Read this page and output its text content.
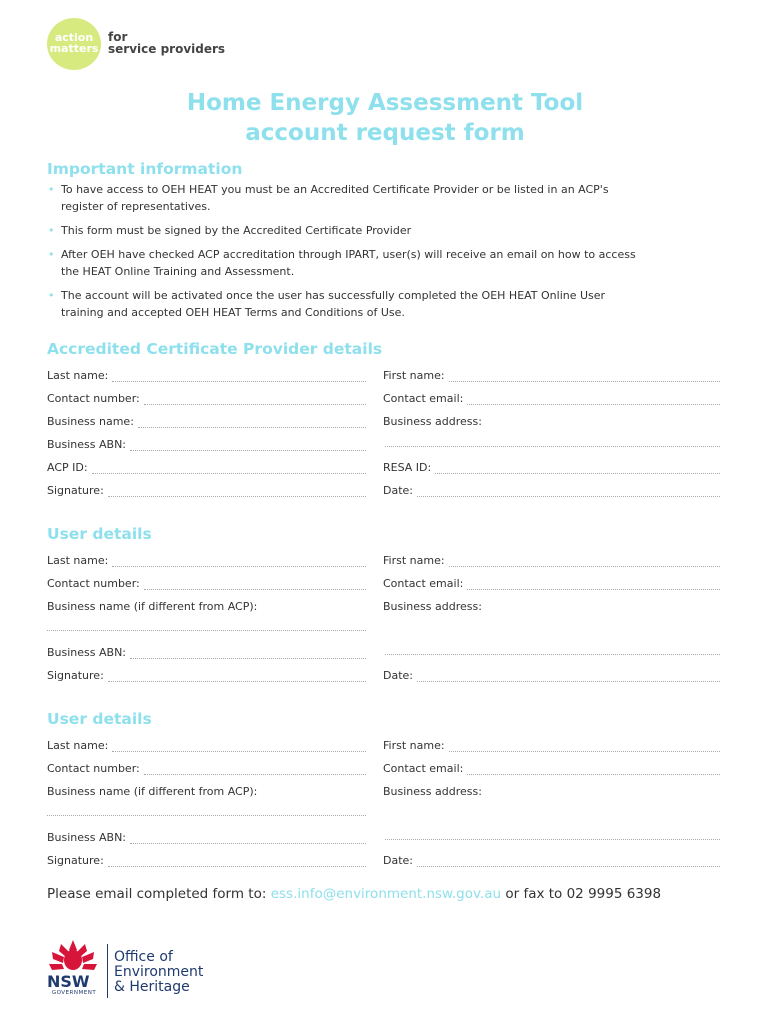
action
matters
for
service providers
Home Energy Assessment Tool
account request form
Important information
• To have access to OEH HEAT you must be an Accredited Certificate Provider or be listed in an ACP's register of representatives.
• This form must be signed by the Accredited Certificate Provider
• After OEH have checked ACP accreditation through IPART, user(s) will receive an email on how to access the HEAT Online Training and Assessment.
• The account will be activated once the user has successfully completed the OEH HEAT Online User training and accepted OEH HEAT Terms and Conditions of Use.
Accredited Certificate Provider details
Last name:	First name:
Contact number:	Contact email:
Business name:	Business address:
Business ABN:
ACP ID:	RESA ID:
Signature:	Date:
User details
Last name:	First name:
Contact number:	Contact email:
Business name (if different from ACP):	Business address:
Business ABN:
Signature:	Date:
User details
Last name:	First name:
Contact number:	Contact email:
Business name (if different from ACP):	Business address:
Business ABN:
Signature:	Date:
Please email completed form to: ess.info@environment.nsw.gov.au or fax to 02 9995 6398
NSW
GOVERNMENT
Office of
Environment
& Heritage
